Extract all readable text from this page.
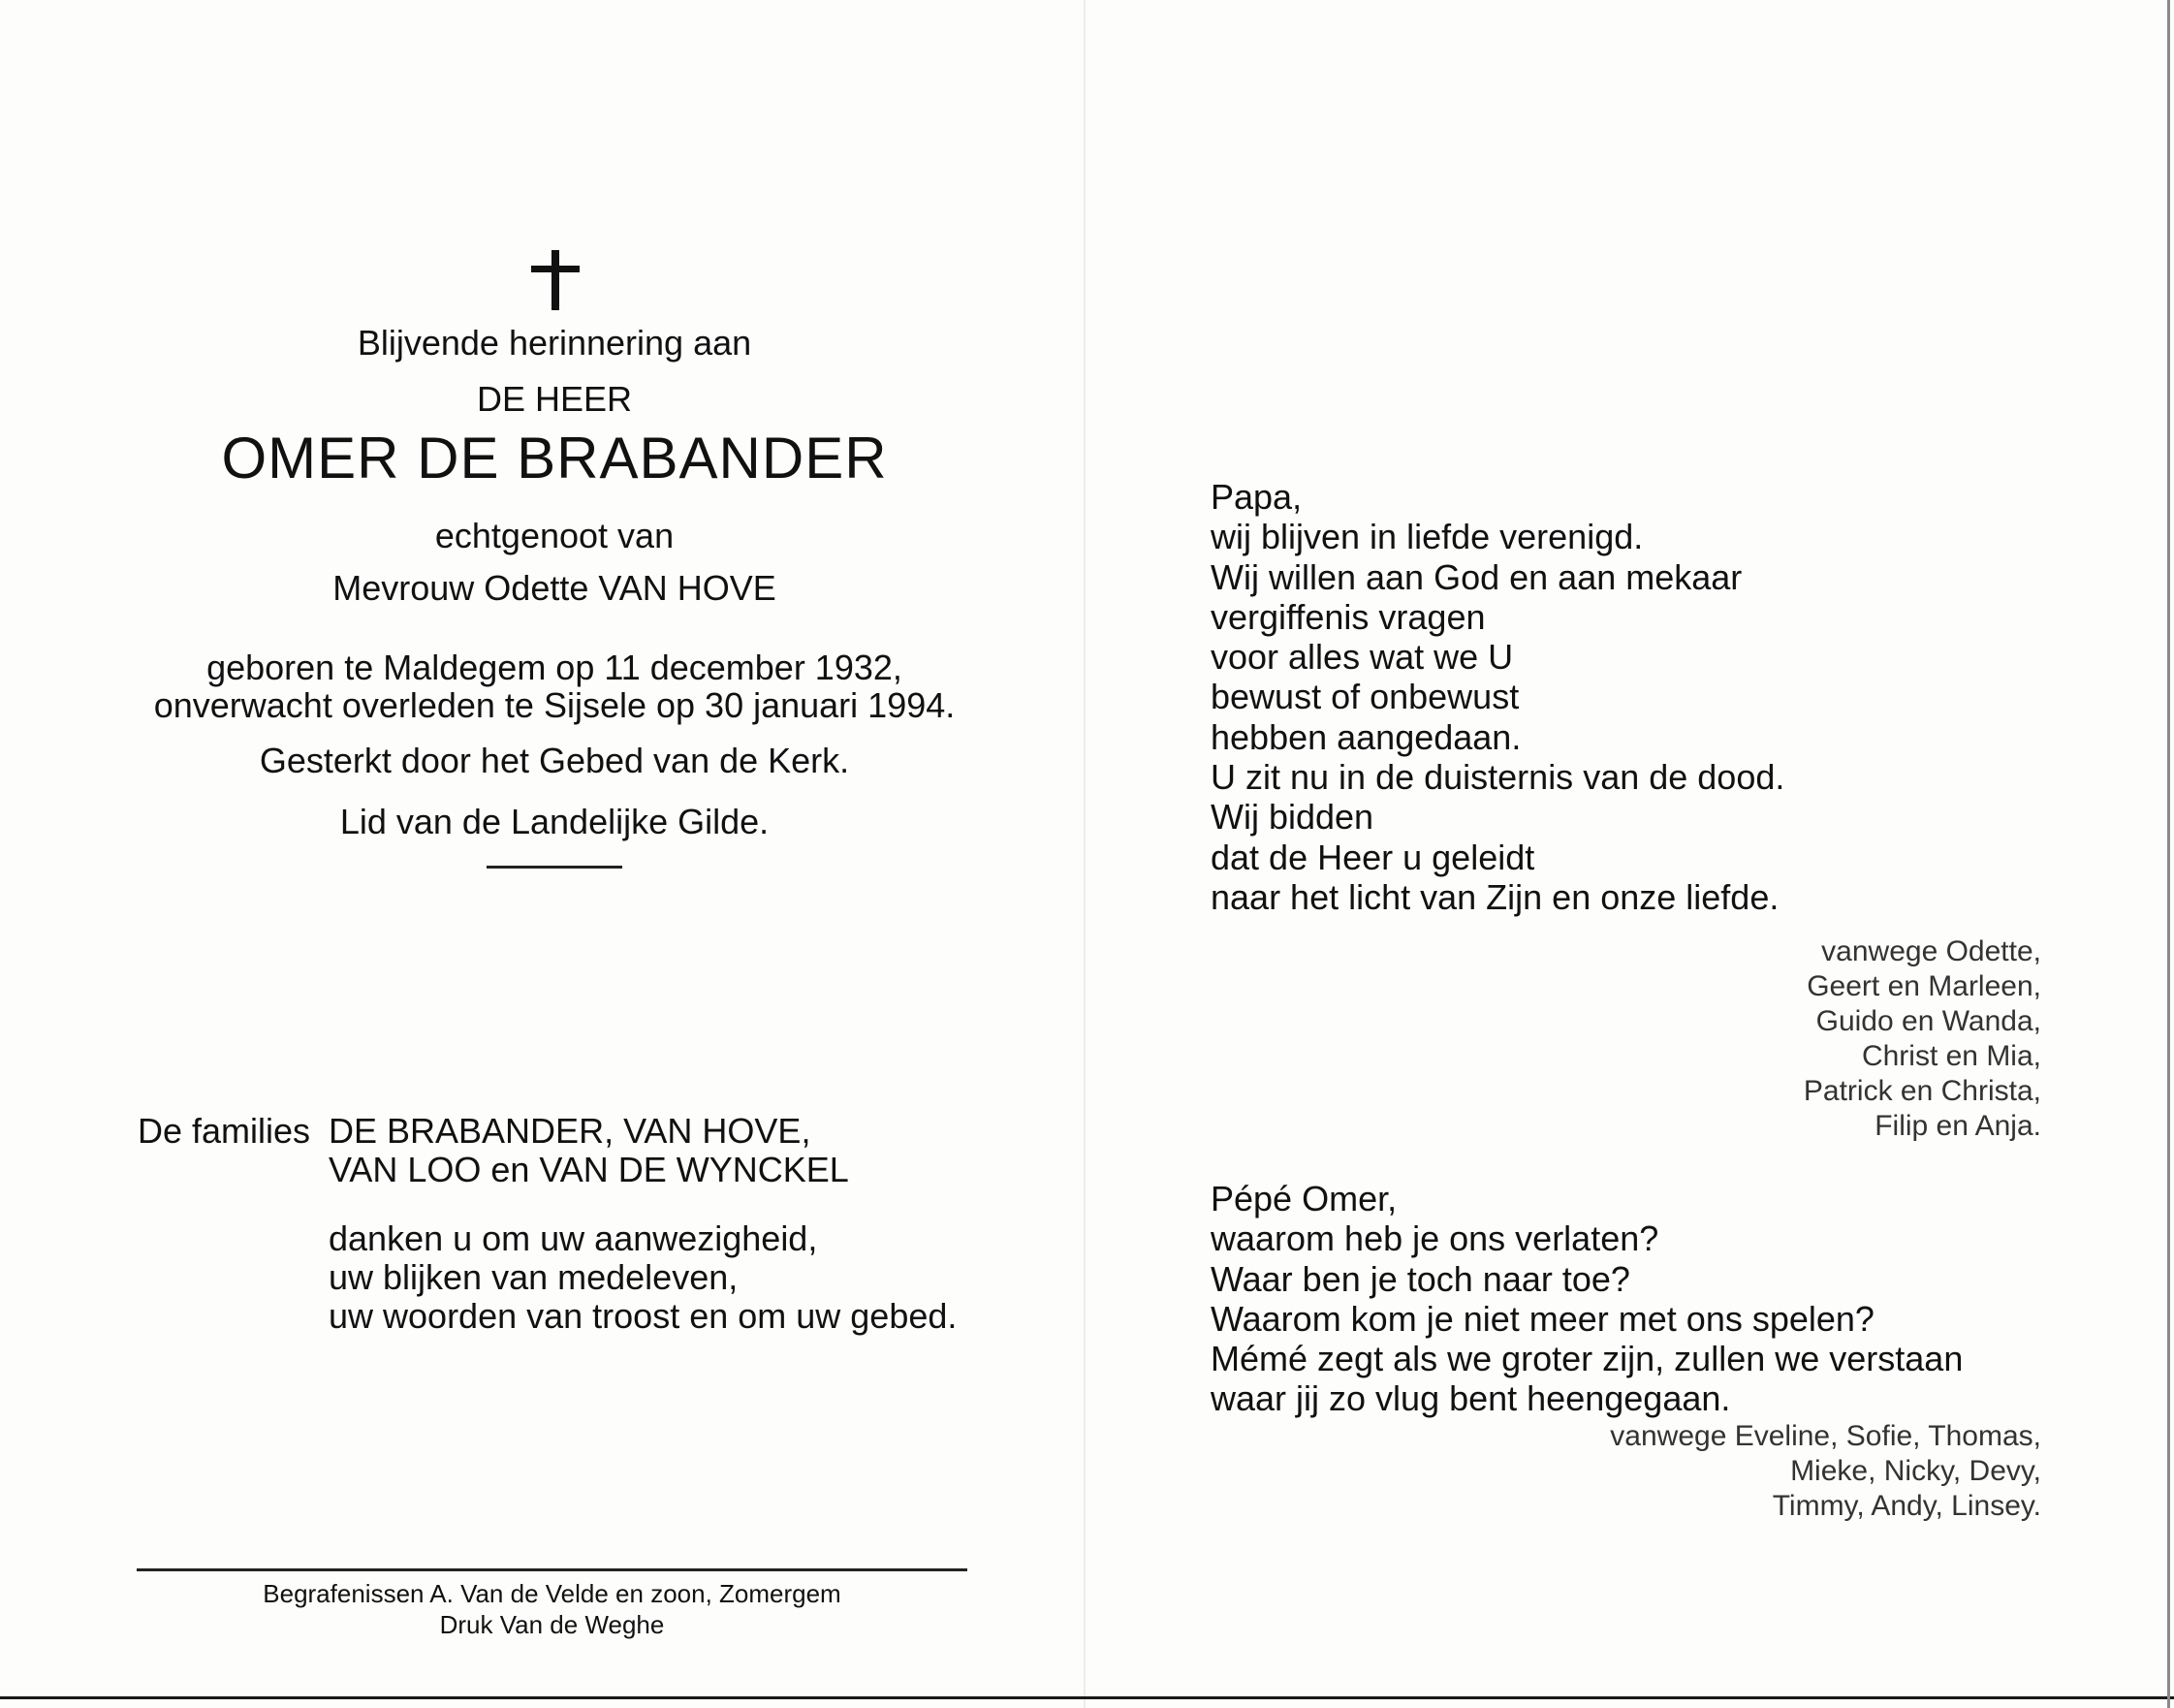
Blijvende herinnering aan
DE HEER
OMER DE BRABANDER
echtgenoot van
Mevrouw Odette VAN HOVE
geboren te Maldegem op 11 december 1932,
onverwacht overleden te Sijsele op 30 januari 1994.
Gesterkt door het Gebed van de Kerk.
Lid van de Landelijke Gilde.
De families DE BRABANDER, VAN HOVE,
VAN LOO en VAN DE WYNCKEL
danken u om uw aanwezigheid,
uw blijken van medeleven,
uw woorden van troost en om uw gebed.
Begrafenissen A. Van de Velde en zoon, Zomergem
Druk Van de Weghe
Papa,
wij blijven in liefde verenigd.
Wij willen aan God en aan mekaar
vergiffenis vragen
voor alles wat we U
bewust of onbewust
hebben aangedaan.
U zit nu in de duisternis van de dood.
Wij bidden
dat de Heer u geleidt
naar het licht van Zijn en onze liefde.
vanwege Odette,
Geert en Marleen,
Guido en Wanda,
Christ en Mia,
Patrick en Christa,
Filip en Anja.
Pépé Omer,
waarom heb je ons verlaten?
Waar ben je toch naar toe?
Waarom kom je niet meer met ons spelen?
Mémé zegt als we groter zijn, zullen we verstaan
waar jij zo vlug bent heengegaan.
vanwege Eveline, Sofie, Thomas,
Mieke, Nicky, Devy,
Timmy, Andy, Linsey.
